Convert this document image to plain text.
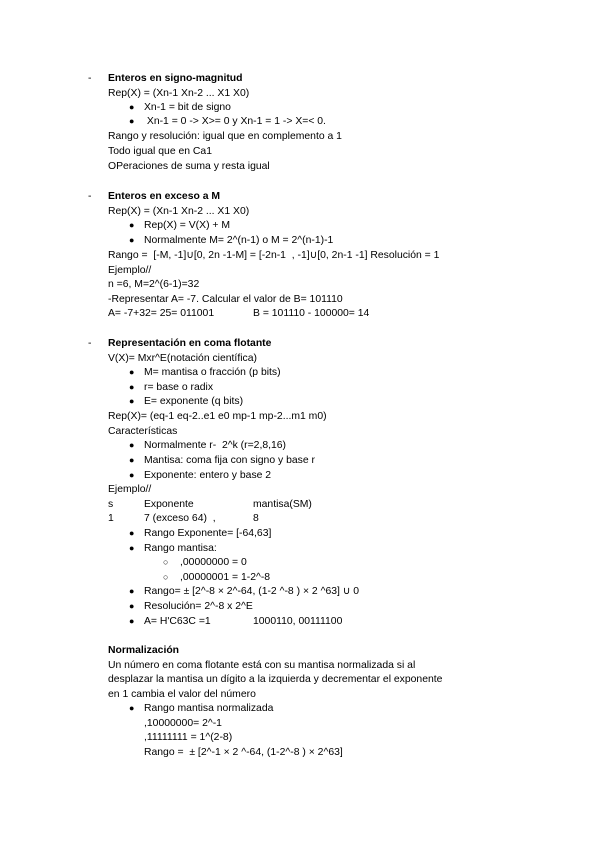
- Enteros en signo-magnitud
Rep(X) = (Xn-1 Xn-2 ... X1 X0)
● Xn-1 = bit de signo
● Xn-1 = 0 -> X>= 0 y Xn-1 = 1 -> X=< 0.
Rango y resolución: igual que en complemento a 1
Todo igual que en Ca1
OPeraciones de suma y resta igual
- Enteros en exceso a M
Rep(X) = (Xn-1 Xn-2 ... X1 X0)
● Rep(X) = V(X) + M
● Normalmente M= 2^(n-1) o M = 2^(n-1)-1
Rango =  [-M, -1]∪[0, 2n -1-M] = [-2n-1  , -1]∪[0, 2n-1 -1] Resolución = 1
Ejemplo//
n =6, M=2^(6-1)=32
-Representar A= -7. Calcular el valor de B= 101110
A= -7+32= 25= 011001	B = 101110 - 100000= 14
- Representación en coma flotante
V(X)= Mxr^E(notación científica)
● M= mantisa o fracción (p bits)
● r= base o radix
● E= exponente (q bits)
Rep(X)= (eq-1 eq-2..e1 e0 mp-1 mp-2...m1 m0)
Características
● Normalmente r-  2^k (r=2,8,16)
● Mantisa: coma fija con signo y base r
● Exponente: entero y base 2
Ejemplo//
s	Exponente	mantisa(SM)
1	7 (exceso 64)  ,	8
● Rango Exponente= [-64,63]
● Rango mantisa:
○ ,00000000 = 0
○ ,00000001 = 1-2^-8
● Rango= ± [2^-8 × 2^-64, (1-2 ^-8 ) × 2 ^63] ∪ 0
● Resolución= 2^-8 x 2^E
● A= H'C63C =1	1000110, 00111100
Normalización
Un número en coma flotante está con su mantisa normalizada si al
desplazar la mantisa un dígito a la izquierda y decrementar el exponente
en 1 cambia el valor del número
● Rango mantisa normalizada
,10000000= 2^-1
,11111111 = 1^(2-8)
Rango =  ± [2^-1 × 2 ^-64, (1-2^-8 ) × 2^63]
